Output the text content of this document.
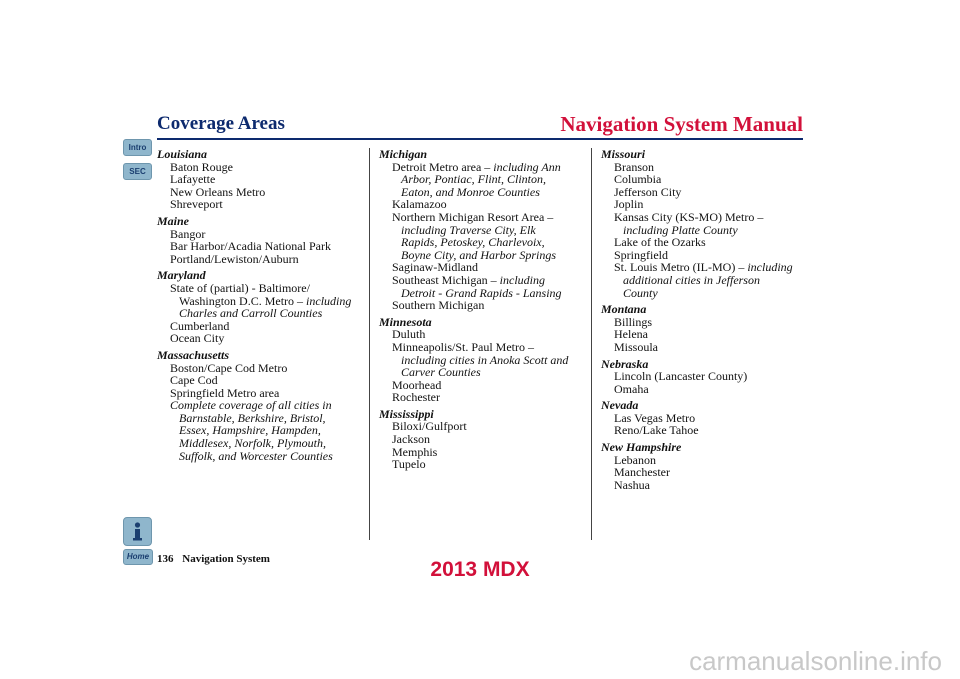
Coverage Areas	Navigation System Manual
Intro
SEC
Home
Louisiana
Baton Rouge
Lafayette
New Orleans Metro
Shreveport
Maine
Bangor
Bar Harbor/Acadia National Park
Portland/Lewiston/Auburn
Maryland
State of (partial) - Baltimore/
Washington D.C. Metro – including
Charles and Carroll Counties
Cumberland
Ocean City
Massachusetts
Boston/Cape Cod Metro
Cape Cod
Springfield Metro area
Complete coverage of all cities in
Barnstable, Berkshire, Bristol,
Essex, Hampshire, Hampden,
Middlesex, Norfolk, Plymouth,
Suffolk, and Worcester Counties
Michigan
Detroit Metro area – including Ann
Arbor, Pontiac, Flint, Clinton,
Eaton, and Monroe Counties
Kalamazoo
Northern Michigan Resort Area –
including Traverse City, Elk
Rapids, Petoskey, Charlevoix,
Boyne City, and Harbor Springs
Saginaw-Midland
Southeast Michigan – including
Detroit - Grand Rapids - Lansing
Southern Michigan
Minnesota
Duluth
Minneapolis/St. Paul Metro –
including cities in Anoka Scott and
Carver Counties
Moorhead
Rochester
Mississippi
Biloxi/Gulfport
Jackson
Memphis
Tupelo
Missouri
Branson
Columbia
Jefferson City
Joplin
Kansas City (KS-MO) Metro –
including Platte County
Lake of the Ozarks
Springfield
St. Louis Metro (IL-MO) – including
additional cities in Jefferson
County
Montana
Billings
Helena
Missoula
Nebraska
Lincoln (Lancaster County)
Omaha
Nevada
Las Vegas Metro
Reno/Lake Tahoe
New Hampshire
Lebanon
Manchester
Nashua
136 Navigation System	2013 MDX
carmanualsonline.info
